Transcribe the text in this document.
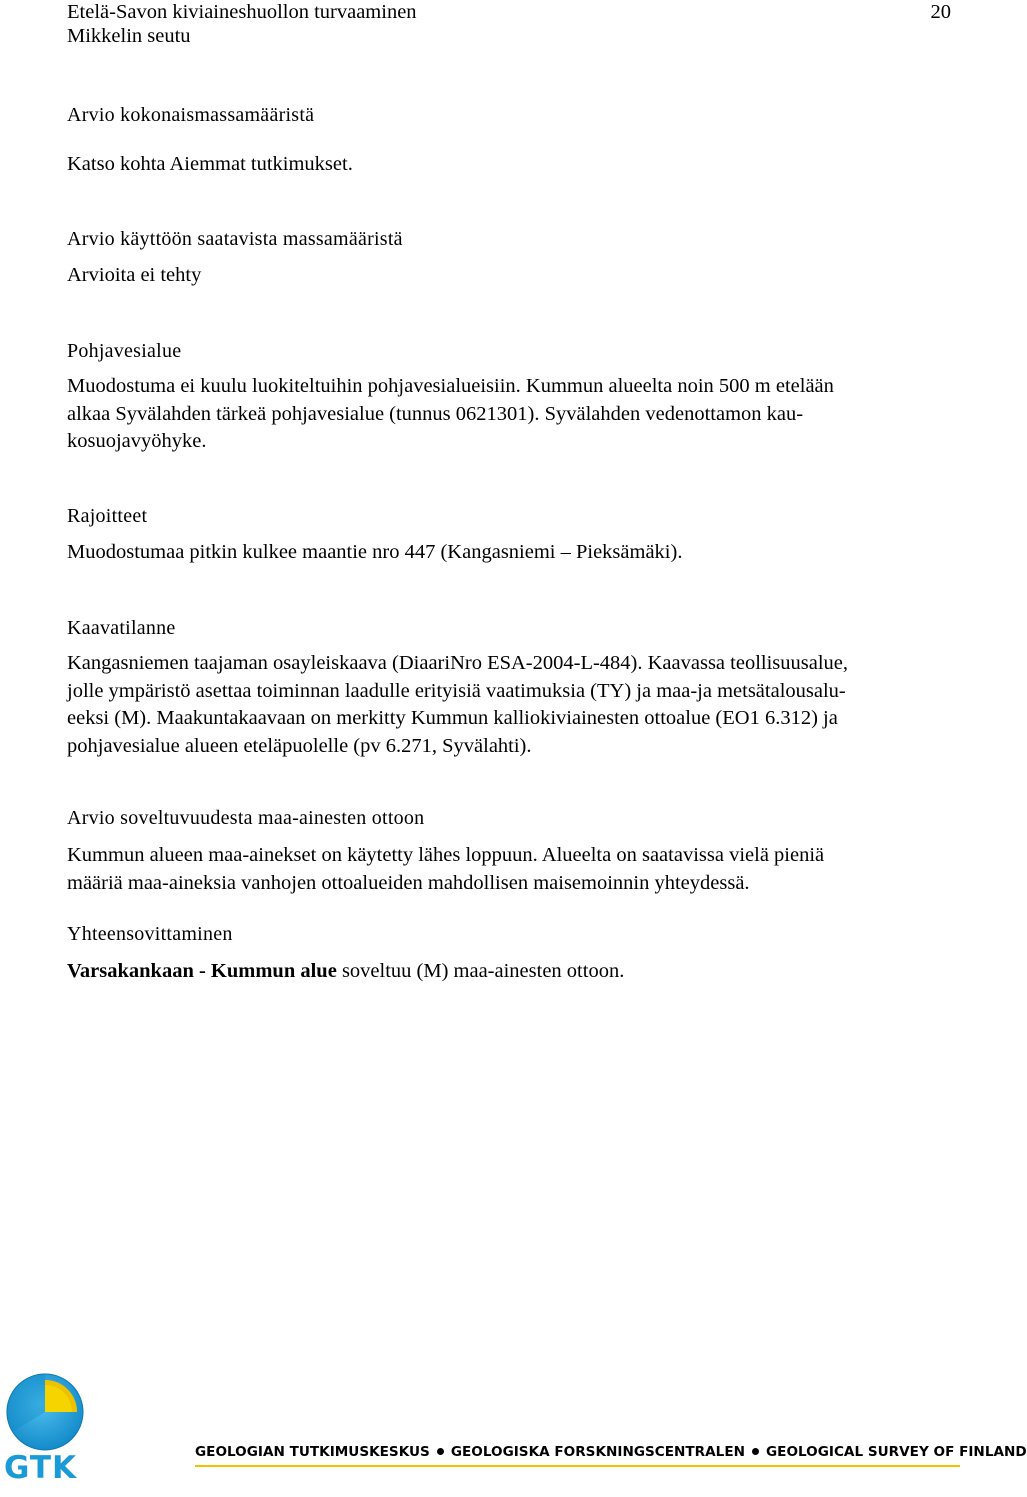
Etelä-Savon kiviaineshuollon turvaaminen
Mikkelin seutu
20
Arvio kokonaismassamääristä
Katso kohta Aiemmat tutkimukset.
Arvio käyttöön saatavista massamääristä
Arvioita ei tehty
Pohjavesialue
Muodostuma ei kuulu luokiteltuihin pohjavesialueisiin. Kummun alueelta noin 500 m etelään
alkaa Syvälahden tärkeä pohjavesialue (tunnus 0621301). Syvälahden vedenottamon kau-
kosuojavyöhyke.
Rajoitteet
Muodostumaa pitkin kulkee maantie nro 447 (Kangasniemi – Pieksämäki).
Kaavatilanne
Kangasniemen taajaman osayleiskaava (DiaariNro ESA-2004-L-484). Kaavassa teollisuusalue,
jolle ympäristö asettaa toiminnan laadulle erityisiä vaatimuksia (TY) ja maa-ja metsätalousalu-
eeksi (M). Maakuntakaavaan on merkitty Kummun kalliokiviainesten ottoalue (EO1 6.312) ja
pohjavesialue alueen eteläpuolelle (pv 6.271, Syvälahti).
Arvio soveltuvuudesta maa-ainesten ottoon
Kummun alueen maa-ainekset on käytetty lähes loppuun. Alueelta on saatavissa vielä pieniä
määriä maa-aineksia vanhojen ottoalueiden mahdollisen maisemoinnin yhteydessä.
Yhteensovittaminen
Varsakankaan - Kummun alue soveltuu (M) maa-ainesten ottoon.
GTK	GEOLOGIAN TUTKIMUSKESKUS GEOLOGISKA FORSKNINGSCENTRALEN GEOLOGICAL SURVEY OF FINLAND
